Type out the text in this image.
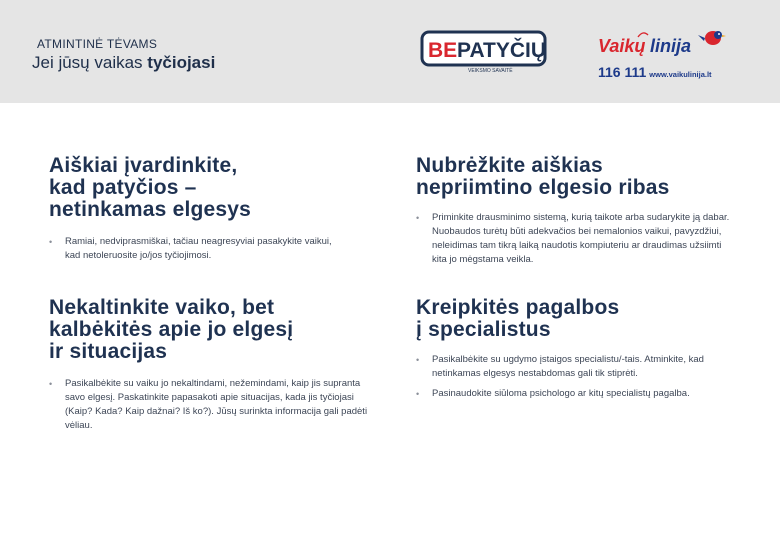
ATMINTINĖ TĖVAMS
Jei jūsų vaikas tyčiojasi
BE PATYČIŲ
VEIKSMO SAVAITĖ
Vaikų linija
116 111 www.vaikulinija.lt
Aiškiai įvardinkite,
kad patyčios –
netinkamas elgesys
• Ramiai, nedviprasmiškai, tačiau neagresyviai pasakykite vaikui, kad netoleruosite jo/jos tyčiojimosi.
Nubrėžkite aiškias
nepriimtino elgesio ribas
• Priminkite drausminimo sistemą, kurią taikote arba sudarykite ją dabar. Nuobaudos turėtų būti adekvačios bei nemalonios vaikui, pavyzdžiui, neleidimas tam tikrą laiką naudotis kompiuteriu ar draudimas užsiimti kita jo mėgstama veikla.
Nekaltinkite vaiko, bet
kalbėkitės apie jo elgesį
ir situacijas
• Pasikalbėkite su vaiku jo nekaltindami, nežemindami, kaip jis supranta savo elgesį. Paskatinkite papasakoti apie situacijas, kada jis tyčiojasi (Kaip? Kada? Kaip dažnai? Iš ko?). Jūsų surinkta informacija gali padėti vėliau.
Kreipkitės pagalbos
į specialistus
• Pasikalbėkite su ugdymo įstaigos specialistu/-tais. Atminkite, kad netinkamas elgesys nestabdomas gali tik stiprėti.
• Pasinaudokite siūloma psichologo ar kitų specialistų pagalba.
